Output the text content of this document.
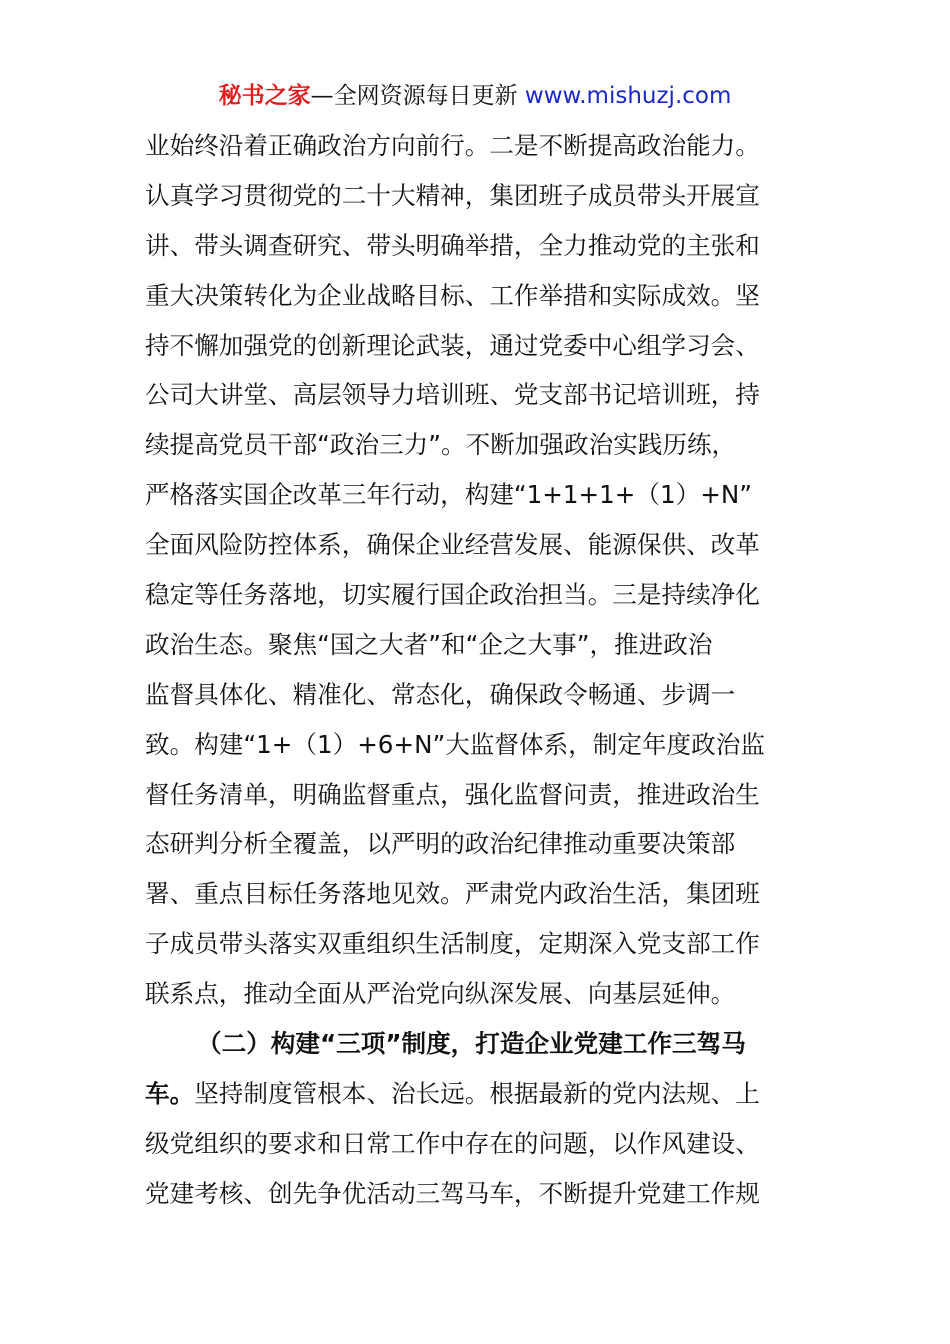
秘书之家—全网资源每日更新 www.mishuzj.com
业始终沿着正确政治方向前行。二是不断提高政治能力。
认真学习贯彻党的二十大精神，集团班子成员带头开展宣
讲、带头调查研究、带头明确举措，全力推动党的主张和
重大决策转化为企业战略目标、工作举措和实际成效。坚
持不懈加强党的创新理论武装，通过党委中心组学习会、
公司大讲堂、高层领导力培训班、党支部书记培训班，持
续提高党员干部“政治三力”。不断加强政治实践历练，
严格落实国企改革三年行动，构建“1+1+1+（1）+N”
全面风险防控体系，确保企业经营发展、能源保供、改革
稳定等任务落地，切实履行国企政治担当。三是持续净化
政治生态。聚焦“国之大者”和“企之大事”，推进政治
监督具体化、精准化、常态化，确保政令畅通、步调一
致。构建“1+（1）+6+N”大监督体系，制定年度政治监
督任务清单，明确监督重点，强化监督问责，推进政治生
态研判分析全覆盖，以严明的政治纪律推动重要决策部
署、重点目标任务落地见效。严肃党内政治生活，集团班
子成员带头落实双重组织生活制度，定期深入党支部工作
联系点，推动全面从严治党向纵深发展、向基层延伸。
（二）构建“三项”制度，打造企业党建工作三驾马
车。坚持制度管根本、治长远。根据最新的党内法规、上
级党组织的要求和日常工作中存在的问题，以作风建设、
党建考核、创先争优活动三驾马车，不断提升党建工作规
